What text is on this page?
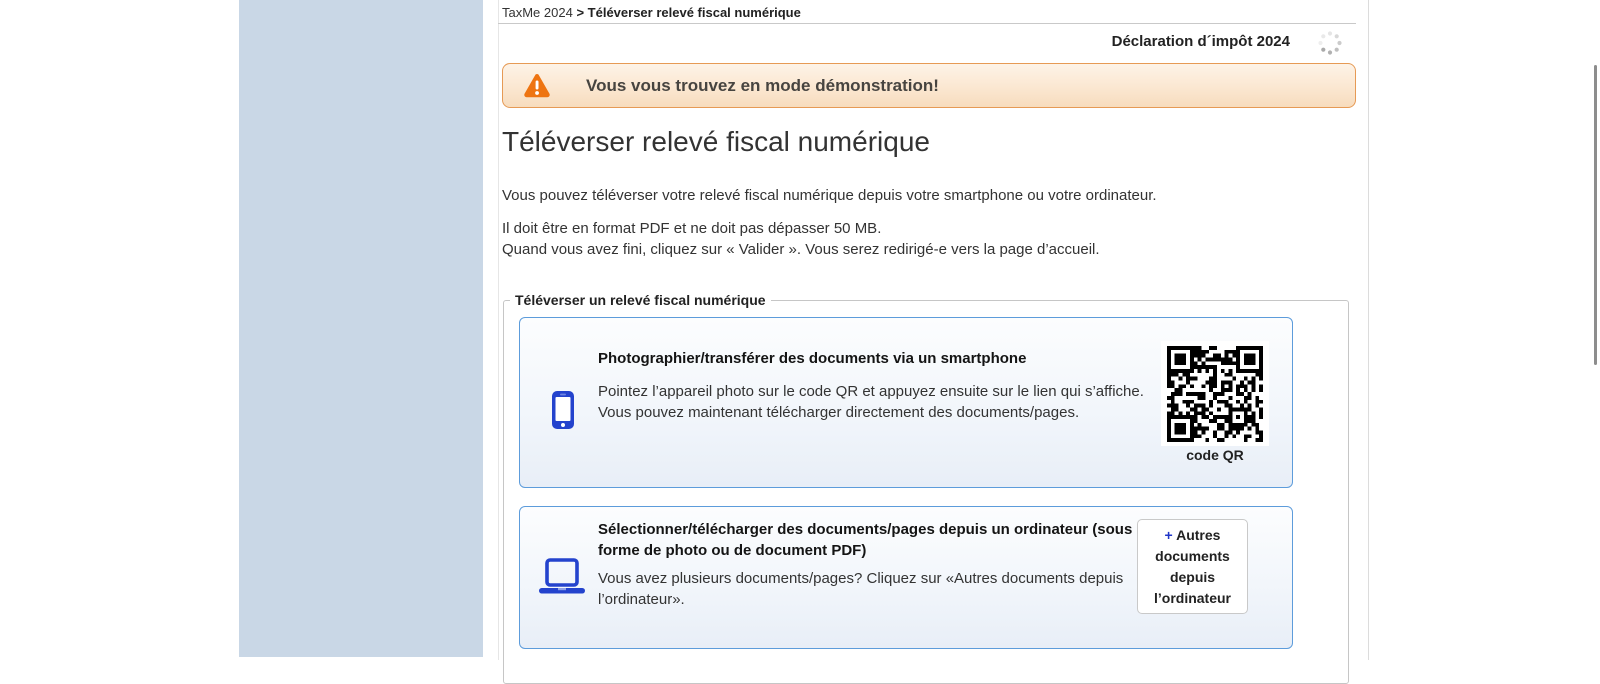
TaxMe 2024 > Téléverser relevé fiscal numérique
Déclaration d´impôt 2024
Vous vous trouvez en mode démonstration!
Téléverser relevé fiscal numérique
Vous pouvez téléverser votre relevé fiscal numérique depuis votre smartphone ou votre ordinateur.
Il doit être en format PDF et ne doit pas dépasser 50 MB.
Quand vous avez fini, cliquez sur « Valider ». Vous serez redirigé-e vers la page d’accueil.
Téléverser un relevé fiscal numérique
Photographier/transférer des documents via un smartphone
Pointez l’appareil photo sur le code QR et appuyez ensuite sur le lien qui s’affiche.
Vous pouvez maintenant télécharger directement des documents/pages.
code QR
Sélectionner/télécharger des documents/pages depuis un ordinateur (sous
forme de photo ou de document PDF)
Vous avez plusieurs documents/pages? Cliquez sur «Autres documents depuis
l’ordinateur».
+ Autres documents depuis l’ordinateur
